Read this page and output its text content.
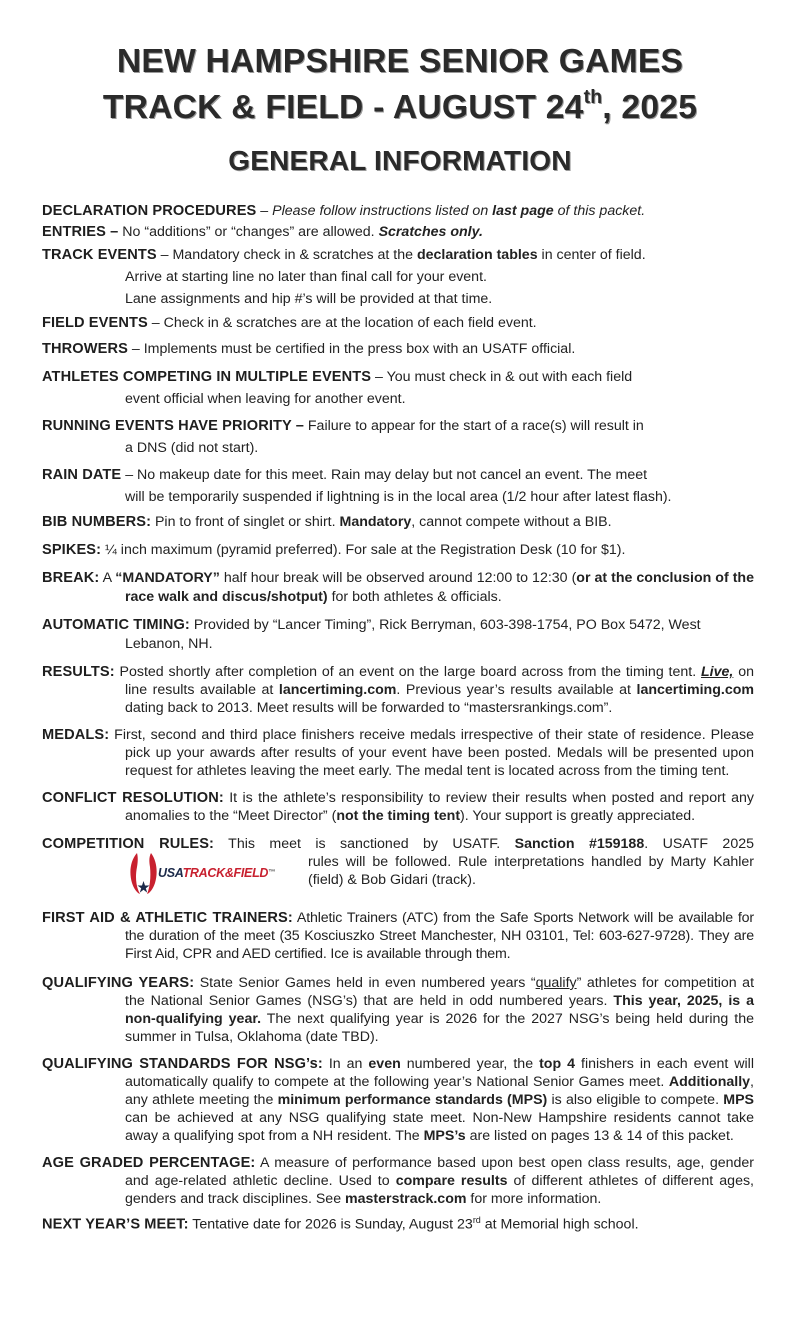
NEW HAMPSHIRE SENIOR GAMES
TRACK & FIELD - AUGUST 24th, 2025
GENERAL INFORMATION

DECLARATION PROCEDURES – Please follow instructions listed on last page of this packet.

ENTRIES – No “additions” or “changes” are allowed. Scratches only.

TRACK EVENTS – Mandatory check in & scratches at the declaration tables in center of field.
Arrive at starting line no later than final call for your event.
Lane assignments and hip #’s will be provided at that time.

FIELD EVENTS – Check in & scratches are at the location of each field event.

THROWERS – Implements must be certified in the press box with an USATF official.

ATHLETES COMPETING IN MULTIPLE EVENTS – You must check in & out with each field
event official when leaving for another event.
RUNNING EVENTS HAVE PRIORITY – Failure to appear for the start of a race(s) will result in
a DNS (did not start).
RAIN DATE – No makeup date for this meet. Rain may delay but not cancel an event. The meet
will be temporarily suspended if lightning is in the local area (1/2 hour after latest flash).

BIB NUMBERS: Pin to front of singlet or shirt. Mandatory, cannot compete without a BIB.

SPIKES: ¼ inch maximum (pyramid preferred). For sale at the Registration Desk (10 for $1).

BREAK: A “MANDATORY” half hour break will be observed around 12:00 to 12:30 (or at the conclusion of the race walk and discus/shotput) for both athletes & officials.

AUTOMATIC TIMING: Provided by “Lancer Timing”, Rick Berryman, 603-398-1754, PO Box 5472, West Lebanon, NH.

RESULTS: Posted shortly after completion of an event on the large board across from the timing tent. Live, on line results available at lancertiming.com. Previous year’s results available at lancertiming.com dating back to 2013. Meet results will be forwarded to “mastersrankings.com”.

MEDALS: First, second and third place finishers receive medals irrespective of their state of residence. Please pick up your awards after results of your event have been posted. Medals will be presented upon request for athletes leaving the meet early. The medal tent is located across from the timing tent.

CONFLICT RESOLUTION: It is the athlete’s responsibility to review their results when posted and report any anomalies to the “Meet Director” (not the timing tent). Your support is greatly appreciated.

COMPETITION RULES: This meet is sanctioned by USATF. Sanction #159188. USATF 2025
USATRACK&FIELD™
rules will be followed. Rule interpretations handled by Marty Kahler (field) & Bob Gidari (track).

FIRST AID & ATHLETIC TRAINERS: Athletic Trainers (ATC) from the Safe Sports Network will be available for the duration of the meet (35 Kosciuszko Street Manchester, NH 03101, Tel: 603-627-9728). They are First Aid, CPR and AED certified. Ice is available through them.

QUALIFYING YEARS: State Senior Games held in even numbered years “qualify” athletes for competition at the National Senior Games (NSG’s) that are held in odd numbered years. This year, 2025, is a non-qualifying year. The next qualifying year is 2026 for the 2027 NSG’s being held during the summer in Tulsa, Oklahoma (date TBD).

QUALIFYING STANDARDS FOR NSG’s: In an even numbered year, the top 4 finishers in each event will automatically qualify to compete at the following year’s National Senior Games meet. Additionally, any athlete meeting the minimum performance standards (MPS) is also eligible to compete. MPS can be achieved at any NSG qualifying state meet. Non-New Hampshire residents cannot take away a qualifying spot from a NH resident. The MPS’s are listed on pages 13 & 14 of this packet.

AGE GRADED PERCENTAGE: A measure of performance based upon best open class results, age, gender and age-related athletic decline. Used to compare results of different athletes of different ages, genders and track disciplines. See masterstrack.com for more information.

NEXT YEAR’S MEET: Tentative date for 2026 is Sunday, August 23rd at Memorial high school.
